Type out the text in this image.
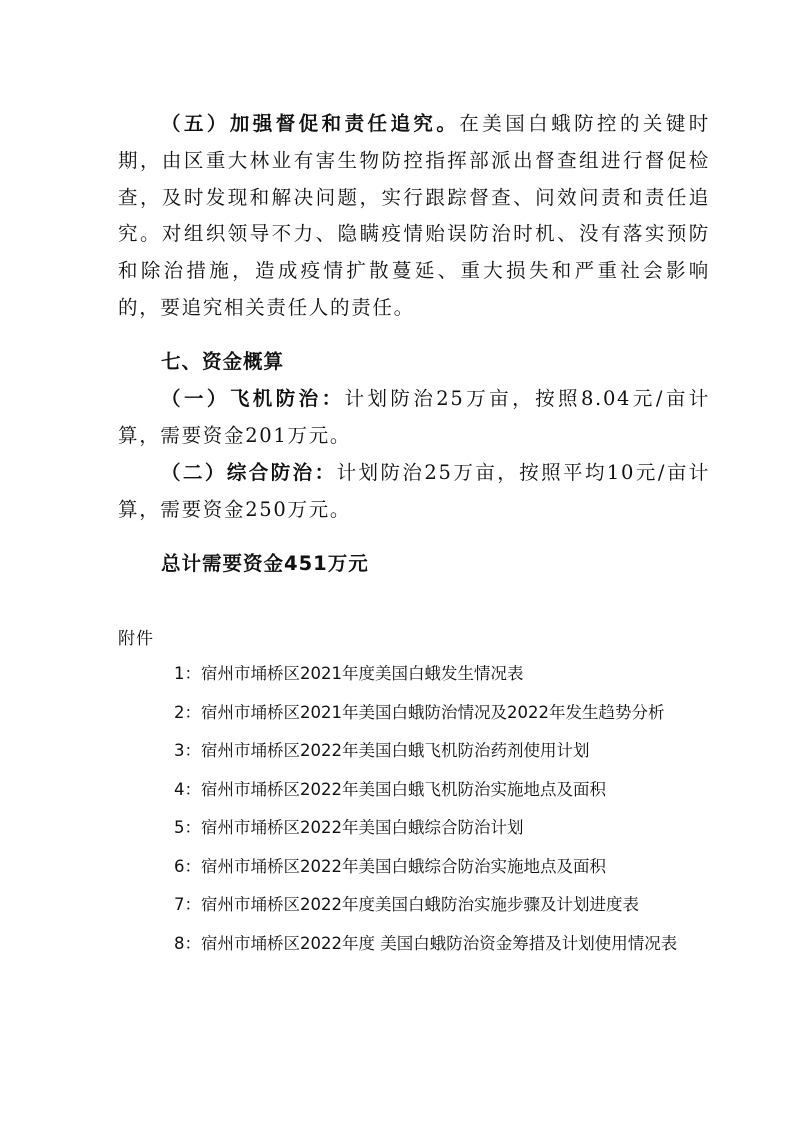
（五）加强督促和责任追究。在美国白蛾防控的关键时期，由区重大林业有害生物防控指挥部派出督查组进行督促检查，及时发现和解决问题，实行跟踪督查、问效问责和责任追究。对组织领导不力、隐瞒疫情贻误防治时机、没有落实预防和除治措施，造成疫情扩散蔓延、重大损失和严重社会影响的，要追究相关责任人的责任。

七、资金概算

（一）飞机防治：计划防治25万亩，按照8.04元/亩计算，需要资金201万元。

（二）综合防治：计划防治25万亩，按照平均10元/亩计算，需要资金250万元。

总计需要资金451万元

附件
1：宿州市埇桥区2021年度美国白蛾发生情况表
2：宿州市埇桥区2021年美国白蛾防治情况及2022年发生趋势分析
3：宿州市埇桥区2022年美国白蛾飞机防治药剂使用计划
4：宿州市埇桥区2022年美国白蛾飞机防治实施地点及面积
5：宿州市埇桥区2022年美国白蛾综合防治计划
6：宿州市埇桥区2022年美国白蛾综合防治实施地点及面积
7：宿州市埇桥区2022年度美国白蛾防治实施步骤及计划进度表
8：宿州市埇桥区2022年度 美国白蛾防治资金筹措及计划使用情况表
